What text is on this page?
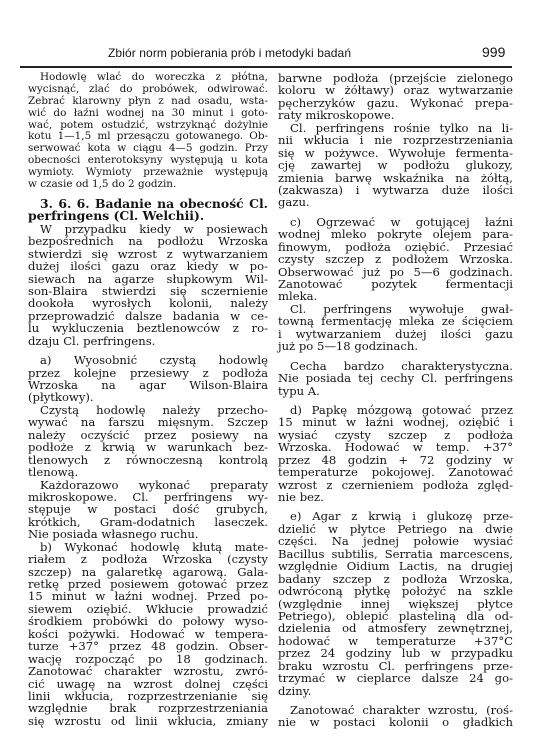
Zbiór norm pobierania prób i metodyki badań	999
Hodowlę wlać do woreczka z płótna,
wycisnąć, zlać do probówek, odwirować.
Zebrać klarowny płyn z nad osadu, wsta-
wić do łaźni wodnej na 30 minut i goto-
wać, potem ostudzić, wstrzyknąć dożylnie
kotu 1—1,5 ml przesączu gotowanego. Ob-
serwować kota w ciągu 4—5 godzin. Przy
obecności enterotoksyny występują u kota
wymioty. Wymioty przeważnie występują
w czasie od 1,5 do 2 godzin.
3. 6. 6. Badanie na obecność Cl.
perfringens (Cl. Welchii).
W przypadku kiedy w posiewach
bezpośrednich na podłożu Wrzoska
stwierdzi się wzrost z wytwarzaniem
dużej ilości gazu oraz kiedy w po-
siewach na agarze słupkowym Wil-
son-Blaira stwierdzi się sczernienie
dookoła wyrosłych kolonii, należy
przeprowadzić dalsze badania w ce-
lu wykluczenia beztlenowców z ro-
dzaju Cl. perfringens.
a) Wyosobnić czystą hodowlę
przez kolejne przesiewy z podłoża
Wrzoska na agar Wilson-Blaira
(płytkowy).
Czystą hodowlę należy przecho-
wywać na farszu mięsnym. Szczep
należy oczyścić przez posiewy na
podłoże z krwią w warunkach bez-
tlenowych z równoczesną kontrolą
tlenową.
Każdorazowo wykonać preparaty
mikroskopowe. Cl. perfringens wy-
stępuje w postaci dość grubych,
krótkich, Gram-dodatnich laseczek.
Nie posiada własnego ruchu.
b) Wykonać hodowlę kłutą mate-
riałem z podłoża Wrzoska (czysty
szczep) na galaretkę agarową. Gala-
retkę przed posiewem gotować przez
15 minut w łaźni wodnej. Przed po-
siewem oziębić. Wkłucie prowadzić
środkiem probówki do połowy wyso-
kości pożywki. Hodować w tempera-
turze +37° przez 48 godzin. Obser-
wację rozpocząć po 18 godzinach.
Zanotować charakter wzrostu, zwró-
cić uwagę na wzrost dolnej części
linii wkłucia, rozprzestrzenianie się
względnie brak rozprzestrzeniania
się wzrostu od linii wkłucia, zmiany
barwne podłoża (przejście zielonego
koloru w żółtawy) oraz wytwarzanie
pęcherzyków gazu. Wykonać prepa-
raty mikroskopowe.
Cl. perfringens rośnie tylko na li-
nii wkłucia i nie rozprzestrzeniania
się w pożywce. Wywołuje fermenta-
cję zawartej w podłożu glukozy,
zmienia barwę wskaźnika na żółtą,
(zakwasza) i wytwarza duże ilości
gazu.
c) Ogrzewać w gotującej łaźni
wodnej mleko pokryte olejem para-
finowym, podłoża oziębić. Przesiać
czysty szczep z podłożem Wrzoska.
Obserwować już po 5—6 godzinach.
Zanotować pozytek fermentacji
mleka.
Cl. perfringens wywołuje gwał-
towną fermentację mleka ze ścięciem
i wytwarzaniem dużej ilości gazu
już po 5—18 godzinach.
Cecha bardzo charakterystyczna.
Nie posiada tej cechy Cl. perfringens
typu A.
d) Papkę mózgową gotować przez
15 minut w łaźni wodnej, oziębić i
wysiać czysty szczep z podłoża
Wrzoska. Hodować w temp. +37°
przez 48 godzin + 72 godziny w
temperaturze pokojowej. Zanotować
wzrost z czernieniem podłoża zględ-
nie bez.
e) Agar z krwią i glukozę prze-
dzielić w płytce Petriego na dwie
części. Na jednej połowie wysiać
Bacillus subtilis, Serratia marcescens,
względnie Oidium Lactis, na drugiej
badany szczep z podłoża Wrzoska,
odwróconą płytkę położyć na szkle
(względnie innej większej płytce
Petriego), oblepić plasteliną dla od-
dzielenia od atmosfery zewnętrznej,
hodować w temperaturze +37°C
przez 24 godziny lub w przypadku
braku wzrostu Cl. perfringens prze-
trzymać w cieplarce dalsze 24 go-
dziny.
Zanotować charakter wzrostu, (roś-
nie w postaci kolonii o gładkich
